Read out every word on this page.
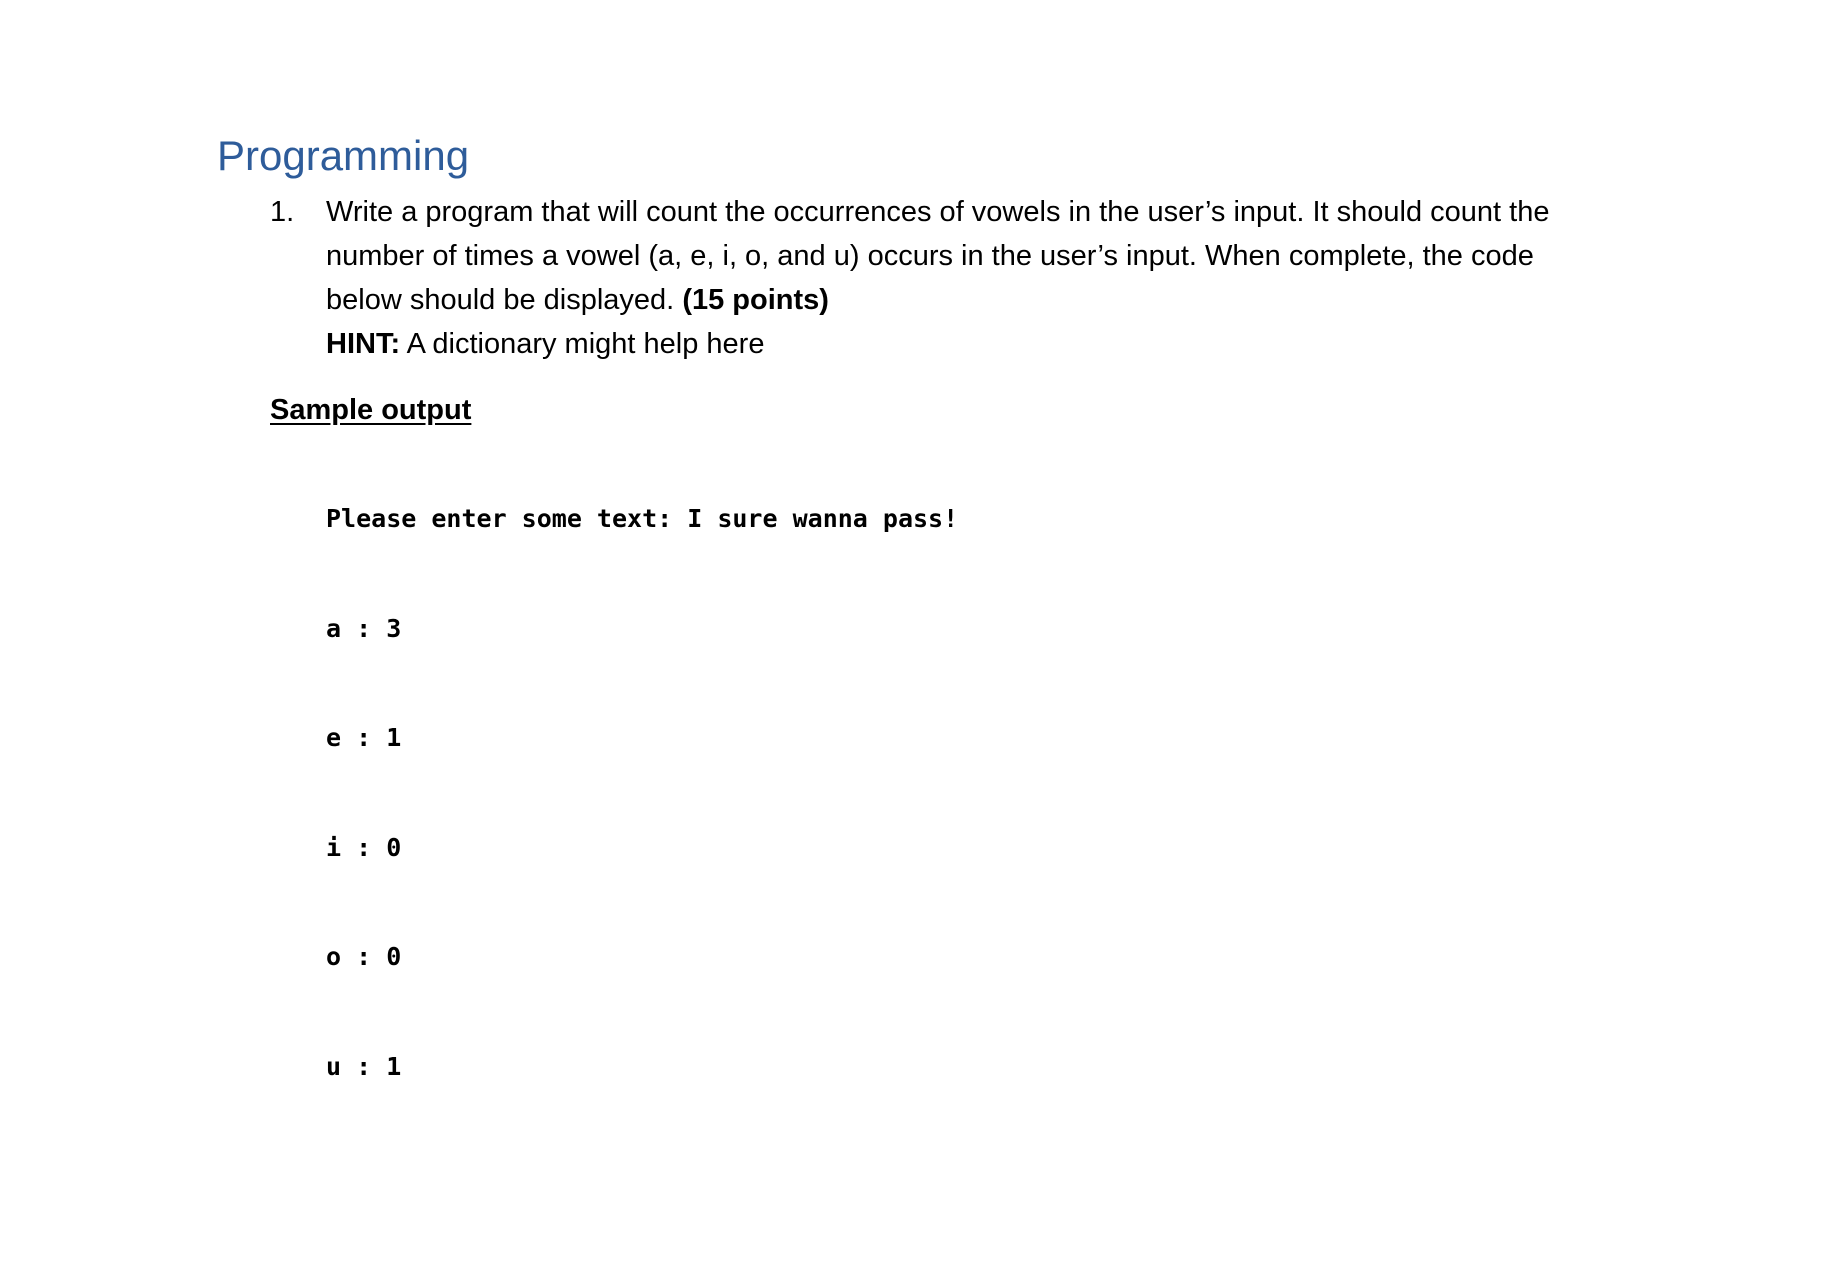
Programming
1.	Write a program that will count the occurrences of vowels in the user’s input. It should count the number of times a vowel (a, e, i, o, and u) occurs in the user’s input. When complete, the code below should be displayed. (15 points)
HINT: A dictionary might help here
Sample output

Please enter some text: I sure wanna pass!

a : 3

e : 1

i : 0

o : 0

u : 1
